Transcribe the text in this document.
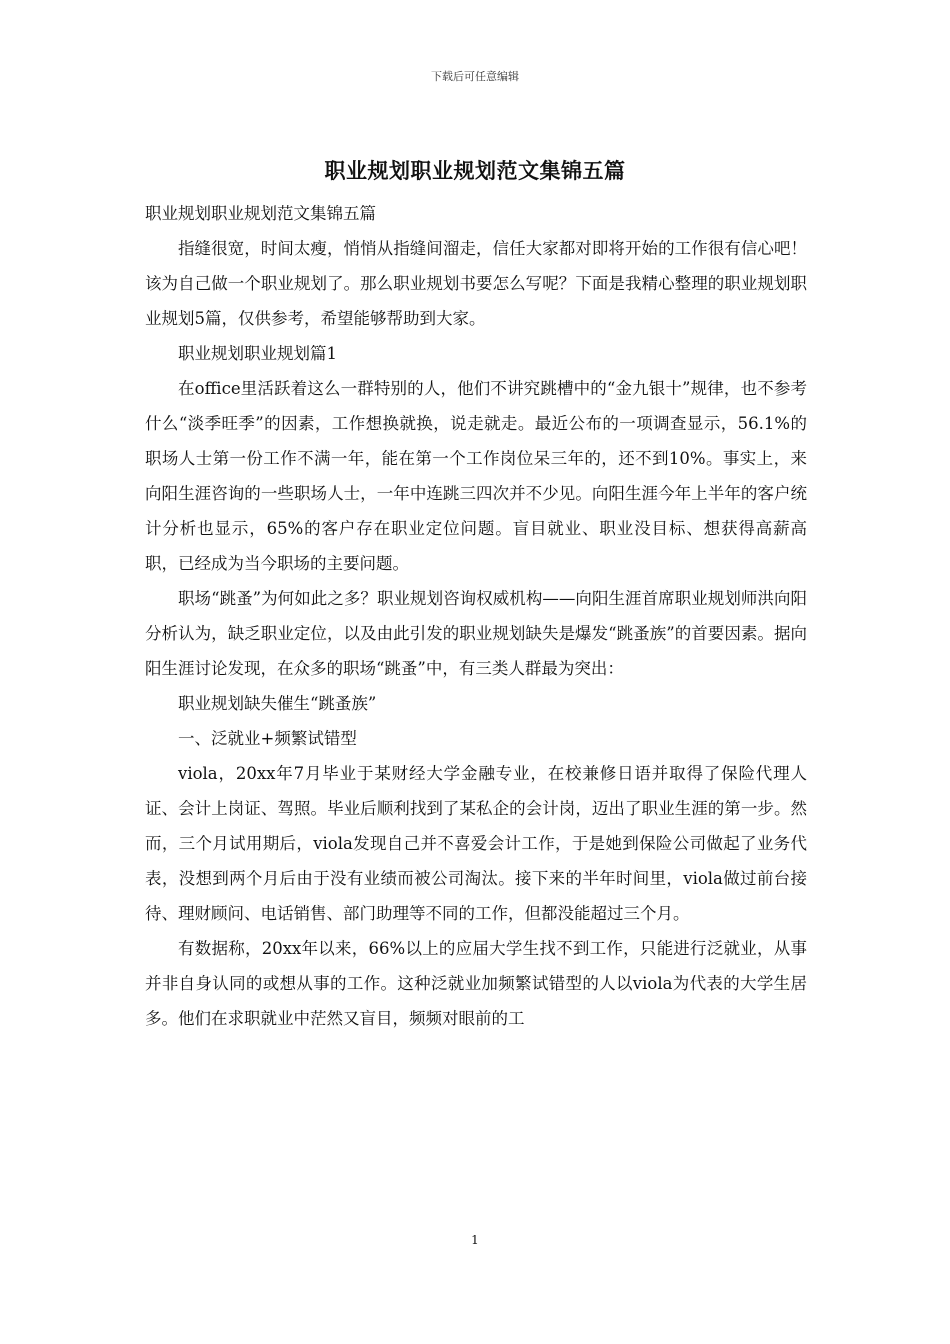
下载后可任意编辑
职业规划职业规划范文集锦五篇

职业规划职业规划范文集锦五篇

指缝很宽，时间太瘦，悄悄从指缝间溜走，信任大家都对即将开始的工作很有信心吧！该为自己做一个职业规划了。那么职业规划书要怎么写呢？下面是我精心整理的职业规划职业规划5篇，仅供参考，希望能够帮助到大家。

职业规划职业规划篇1

在office里活跃着这么一群特别的人，他们不讲究跳槽中的“金九银十”规律，也不参考什么“淡季旺季”的因素，工作想换就换，说走就走。最近公布的一项调查显示，56.1%的职场人士第一份工作不满一年，能在第一个工作岗位呆三年的，还不到10%。事实上，来向阳生涯咨询的一些职场人士，一年中连跳三四次并不少见。向阳生涯今年上半年的客户统计分析也显示，65%的客户存在职业定位问题。盲目就业、职业没目标、想获得高薪高职，已经成为当今职场的主要问题。

职场“跳蚤”为何如此之多？职业规划咨询权威机构——向阳生涯首席职业规划师洪向阳分析认为，缺乏职业定位，以及由此引发的职业规划缺失是爆发“跳蚤族”的首要因素。据向阳生涯讨论发现，在众多的职场“跳蚤”中，有三类人群最为突出：

职业规划缺失催生“跳蚤族”

一、泛就业+频繁试错型

viola，20xx年7月毕业于某财经大学金融专业，在校兼修日语并取得了保险代理人证、会计上岗证、驾照。毕业后顺利找到了某私企的会计岗，迈出了职业生涯的第一步。然而，三个月试用期后，viola发现自己并不喜爱会计工作，于是她到保险公司做起了业务代表，没想到两个月后由于没有业绩而被公司淘汰。接下来的半年时间里，viola做过前台接待、理财顾问、电话销售、部门助理等不同的工作，但都没能超过三个月。

有数据称，20xx年以来，66%以上的应届大学生找不到工作，只能进行泛就业，从事并非自身认同的或想从事的工作。这种泛就业加频繁试错型的人以viola为代表的大学生居多。他们在求职就业中茫然又盲目，频频对眼前的工

1
